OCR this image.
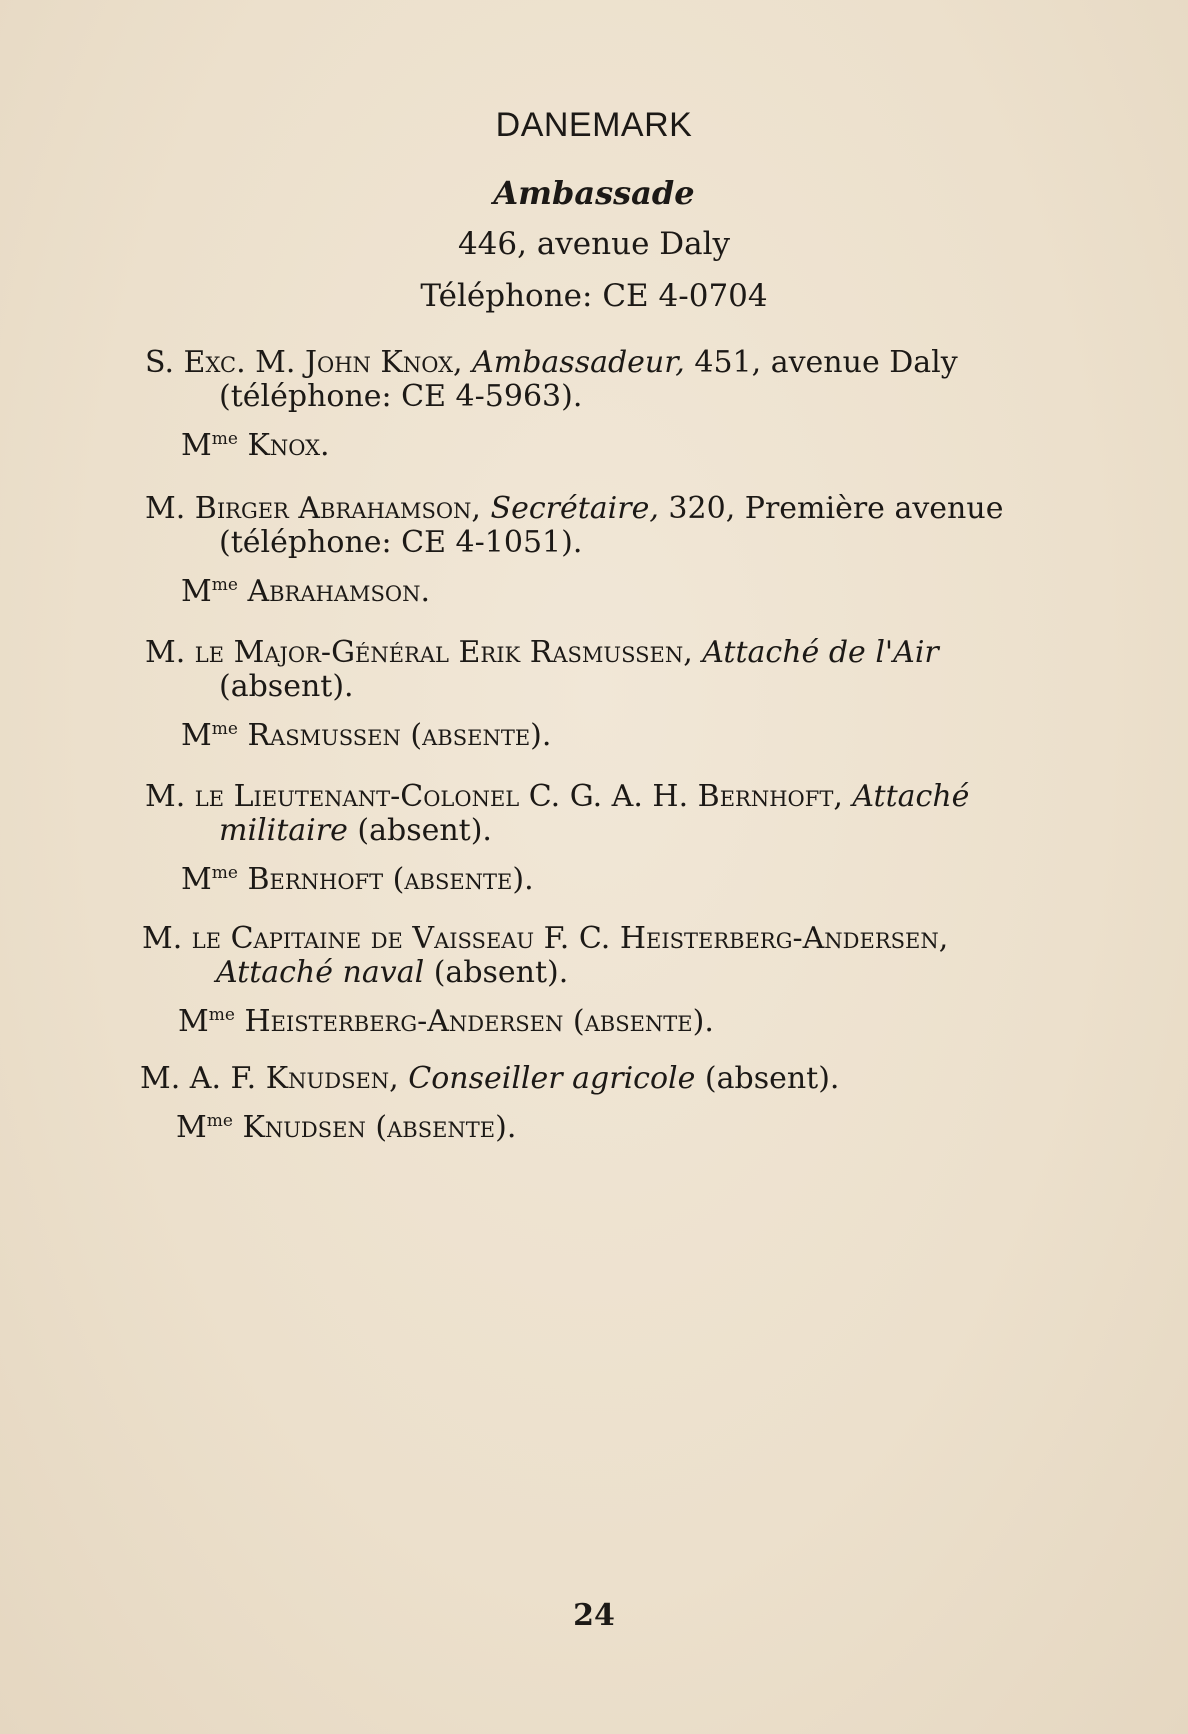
DANEMARK
Ambassade
446, avenue Daly
Téléphone: CE 4-0704

S. Exc. M. John Knox, Ambassadeur, 451, avenue Daly (téléphone: CE 4-5963).

$M^{me}$ Knox.

M. Birger Abrahamson, Secrétaire, 320, Première avenue (téléphone: CE 4-1051).

$M^{me}$ Abrahamson.

M. le Major-Général Erik Rasmussen, Attaché de l'Air (absent).

$M^{me}$ Rasmussen (absente).

M. le Lieutenant-Colonel C. G. A. H. Bernhoft, Attaché militaire (absent).

$M^{me}$ Bernhoft (absente).

M. le Capitaine de Vaisseau F. C. Heisterberg-Andersen, Attaché naval (absent).

$M^{me}$ Heisterberg-Andersen (absente).

M. A. F. Knudsen, Conseiller agricole (absent).

$M^{me}$ Knudsen (absente).

24
